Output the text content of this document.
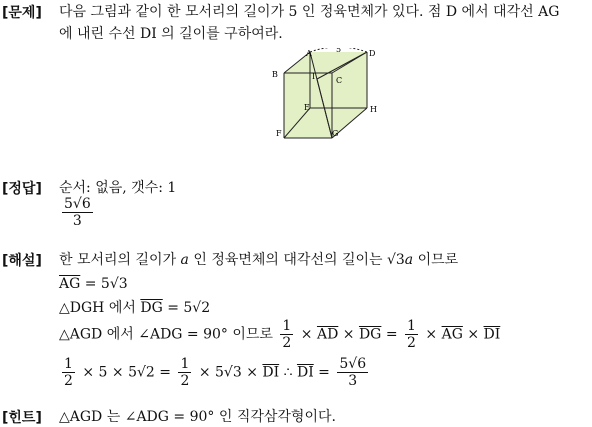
[문제] 다음 그림과 같이 한 모서리의 길이가 5 인 정육면체가 있다. 점 D 에서 대각선 AG
에 내린 수선 DI 의 길이를 구하여라.
A	D
5
B
C
I
E	H
F	G
[정답] 순서: 없음, 갯수: 1
$\frac{5√6}{3}$
[해설] 한 모서리의 길이가 a 인 정육면체의 대각선의 길이는 √3a 이므로
$\overline{AG} = 5√3$
△DGH 에서 $\overline{DG} = 5√2$
△AGD 에서 ∠ADG = 90° 이므로 $\frac{1}{2} \times \overline{AD} \times \overline{DG} = \frac{1}{2} \times \overline{AG} \times \overline{DI}$
$\frac{1}{2} \times 5 \times 5√2 = \frac{1}{2} \times 5√3 \times \overline{DI}$ ∴ $\overline{DI} = \frac{5√6}{3}$
[힌트] △AGD 는 ∠ADG = 90° 인 직각삼각형이다.
